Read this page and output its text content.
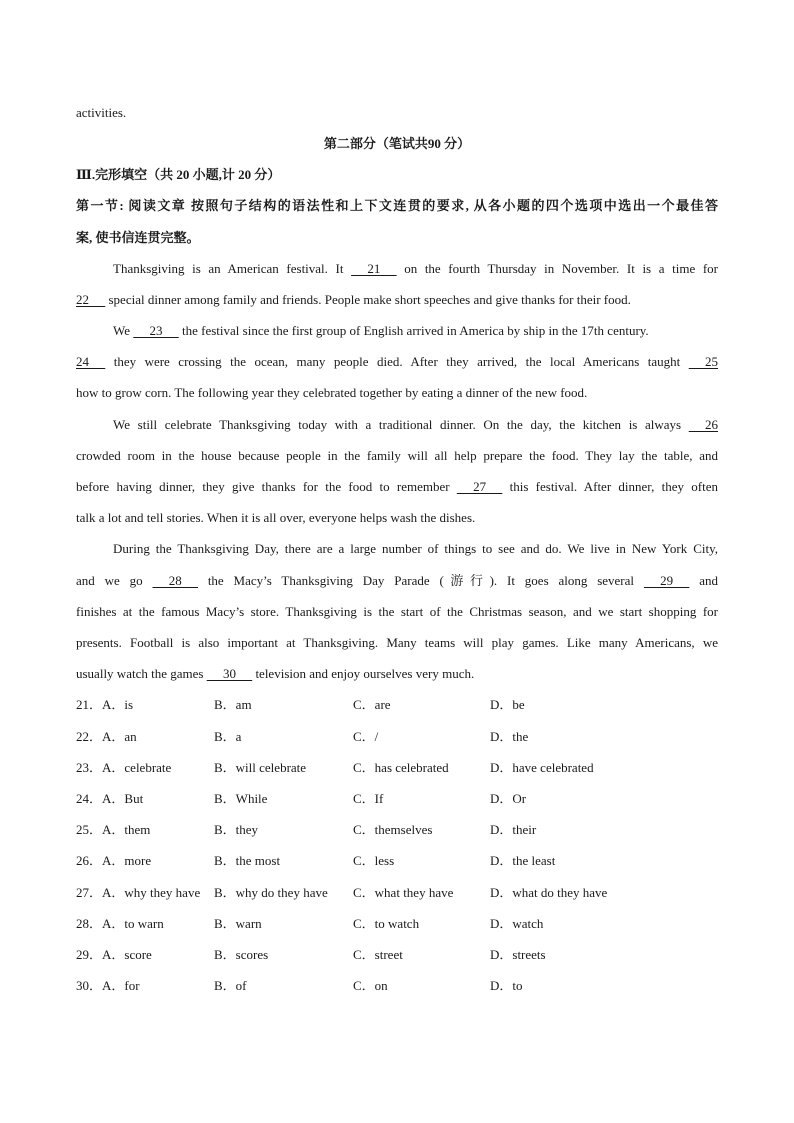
activities.
第二部分（笔试共90 分）
Ⅲ.完形填空（共 20 小题,计 20 分）
第一节: 阅读文章 按照句子结构的语法性和上下文连贯的要求, 从各小题的四个选项中选出一个最佳答
案, 使书信连贯完整。
Thanksgiving is an American festival. It      21      on the fourth Thursday in November. It is a time for
22      special dinner among family and friends. People make short speeches and give thanks for their food.
We      23      the festival since the first group of English arrived in America by ship in the 17th century.
24      they were crossing the ocean, many people died. After they arrived, the local Americans taught      25
how to grow corn. The following year they celebrated together by eating a dinner of the new food.
We still celebrate Thanksgiving today with a traditional dinner. On the day, the kitchen is always      26
crowded room in the house because people in the family will all help prepare the food. They lay the table, and
before having dinner, they give thanks for the food to remember      27      this festival. After dinner, they often
talk a lot and tell stories. When it is all over, everyone helps wash the dishes.
During the Thanksgiving Day, there are a large number of things to see and do. We live in New York City,
and we go      28      the Macy’s Thanksgiving Day Parade (游行). It goes along several      29      and
finishes at the famous Macy’s store. Thanksgiving is the start of the Christmas season, and we start shopping for
presents. Football is also important at Thanksgiving. Many teams will play games. Like many Americans, we
usually watch the games      30      television and enjoy ourselves very much.
21．A．is	B．am	C．are	D．be
22．A．an	B．a	C．/	D．the
23．A．celebrate	B．will celebrate	C．has celebrated	D．have celebrated
24．A．But	B．While	C．If	D．Or
25．A．them	B．they	C．themselves	D．their
26．A．more	B．the most	C．less	D．the least
27．A．why they have B．why do they have C．what they have	D．what do they have
28．A．to warn	B．warn	C．to watch	D．watch
29．A．score	B．scores	C．street	D．streets
30．A．for	B．of	C．on	D．to
